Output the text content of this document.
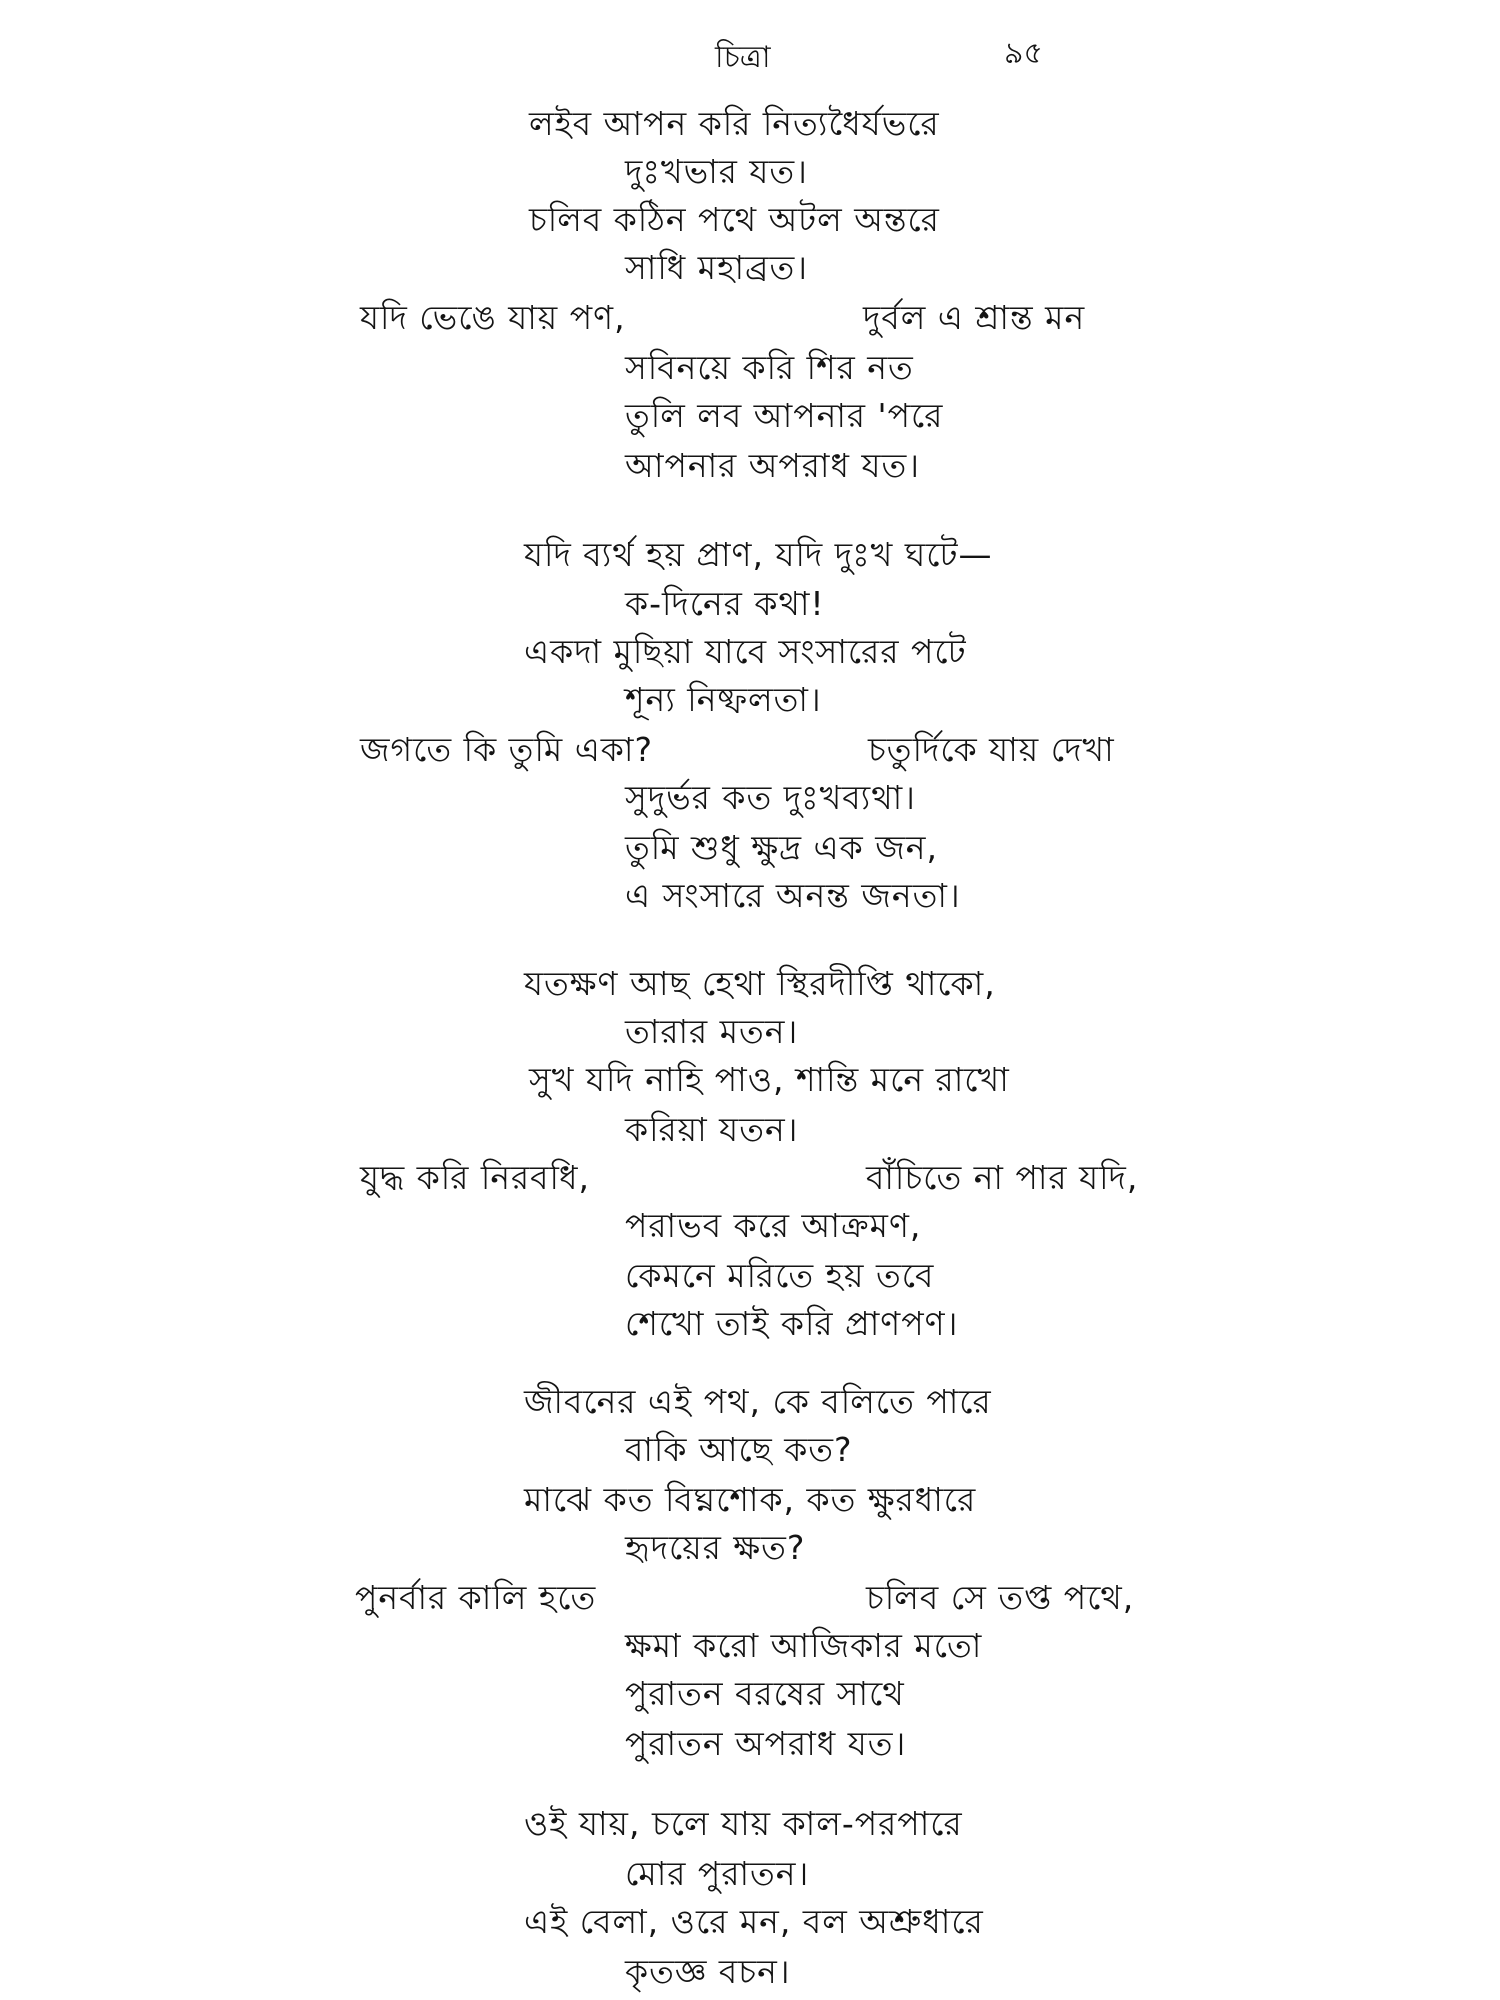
চিত্রা	৯৫
লইব আপন করি নিত্যধৈর্যভরে
দুঃখভার যত।
চলিব কঠিন পথে অটল অন্তরে
সাধি মহাব্রত।
যদি ভেঙে যায় পণ,	দুর্বল এ শ্রান্ত মন
সবিনয়ে করি শির নত
তুলি লব আপনার 'পরে
আপনার অপরাধ যত।
যদি ব্যর্থ হয় প্রাণ, যদি দুঃখ ঘটে—
ক-দিনের কথা!
একদা মুছিয়া যাবে সংসারের পটে
শূন্য নিষ্ফলতা।
জগতে কি তুমি একা?	চতুর্দিকে যায় দেখা
সুদুর্ভর কত দুঃখব্যথা।
তুমি শুধু ক্ষুদ্র এক জন,
এ সংসারে অনন্ত জনতা।
যতক্ষণ আছ হেথা স্থিরদীপ্তি থাকো,
তারার মতন।
সুখ যদি নাহি পাও, শান্তি মনে রাখো
করিয়া যতন।
যুদ্ধ করি নিরবধি,	বাঁচিতে না পার যদি,
পরাভব করে আক্রমণ,
কেমনে মরিতে হয় তবে
শেখো তাই করি প্রাণপণ।
জীবনের এই পথ, কে বলিতে পারে
বাকি আছে কত?
মাঝে কত বিঘ্নশোক, কত ক্ষুরধারে
হৃদয়ের ক্ষত?
পুনর্বার কালি হতে	চলিব সে তপ্ত পথে,
ক্ষমা করো আজিকার মতো
পুরাতন বরষের সাথে
পুরাতন অপরাধ যত।
ওই যায়, চলে যায় কাল-পরপারে
মোর পুরাতন।
এই বেলা, ওরে মন, বল অশ্রুধারে
কৃতজ্ঞ বচন।
